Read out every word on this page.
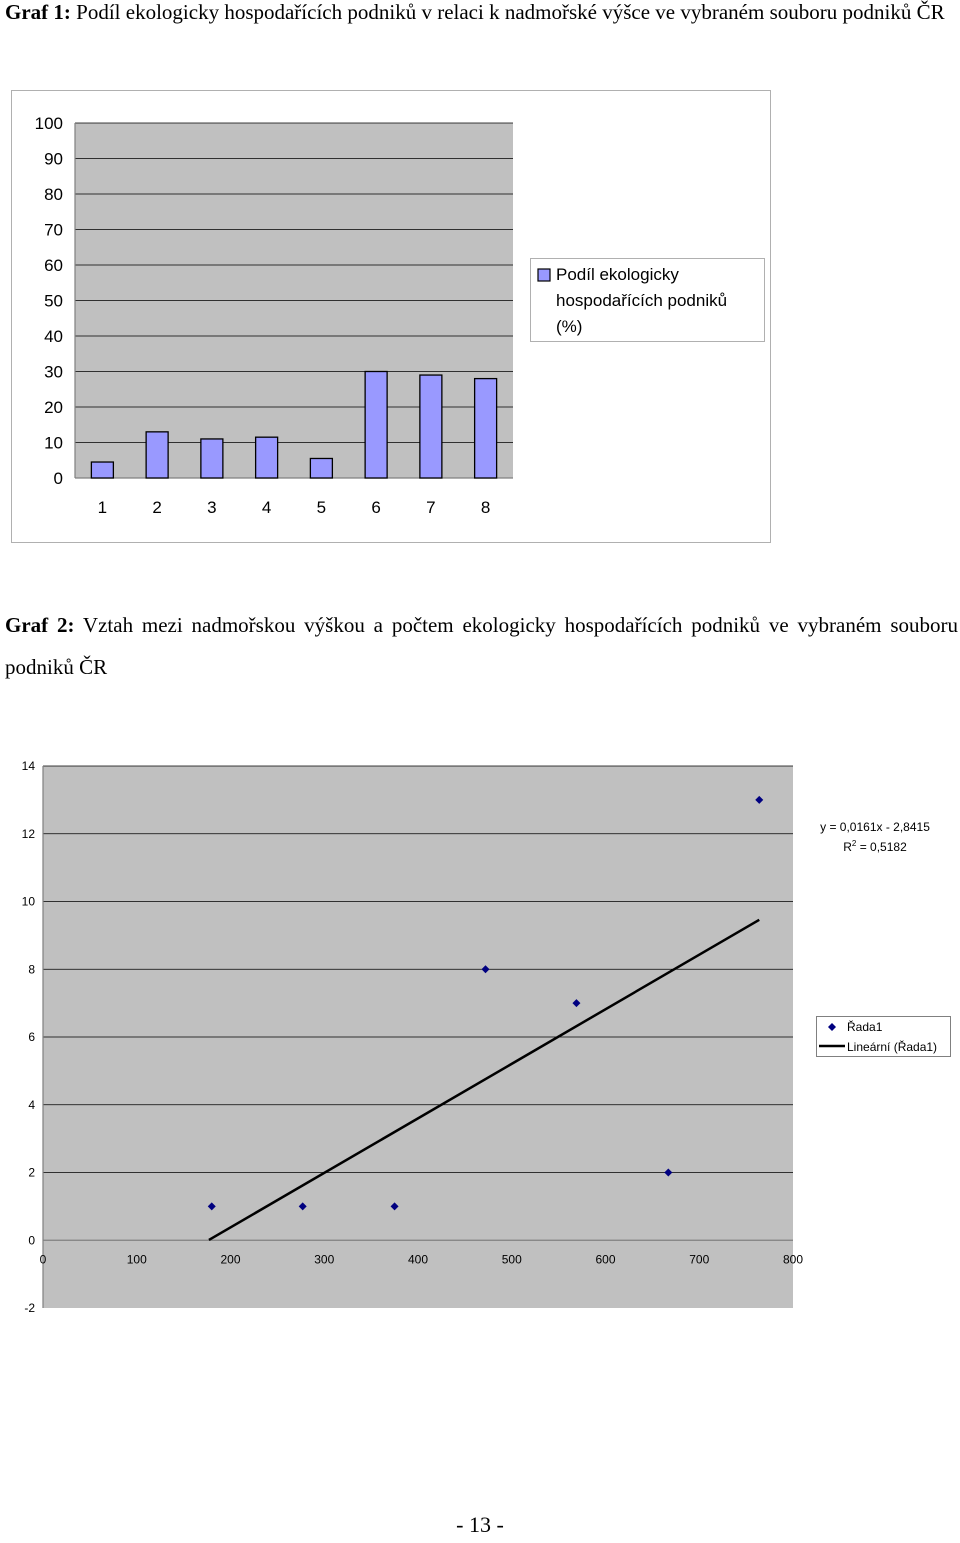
Graf 1: Podíl ekologicky hospodařících podniků v relaci k nadmořské výšce ve vybraném souboru podniků ČR
0
10
20
30
40
50
60
70
80
90
100
1	2	3	4	5	6	7	8
Podíl ekologicky
hospodařících podniků
(%)
Graf 2: Vztah mezi nadmořskou výškou a počtem ekologicky hospodařících podniků ve vybraném souboru podniků ČR
-2
0
2
4
6
8
10
12
14
0	100	200	300	400	500	600	700	800
Řada1
Lineární (Řada1)
y = 0,0161x - 2,8415
$R^2 = 0,5182$
- 13 -
